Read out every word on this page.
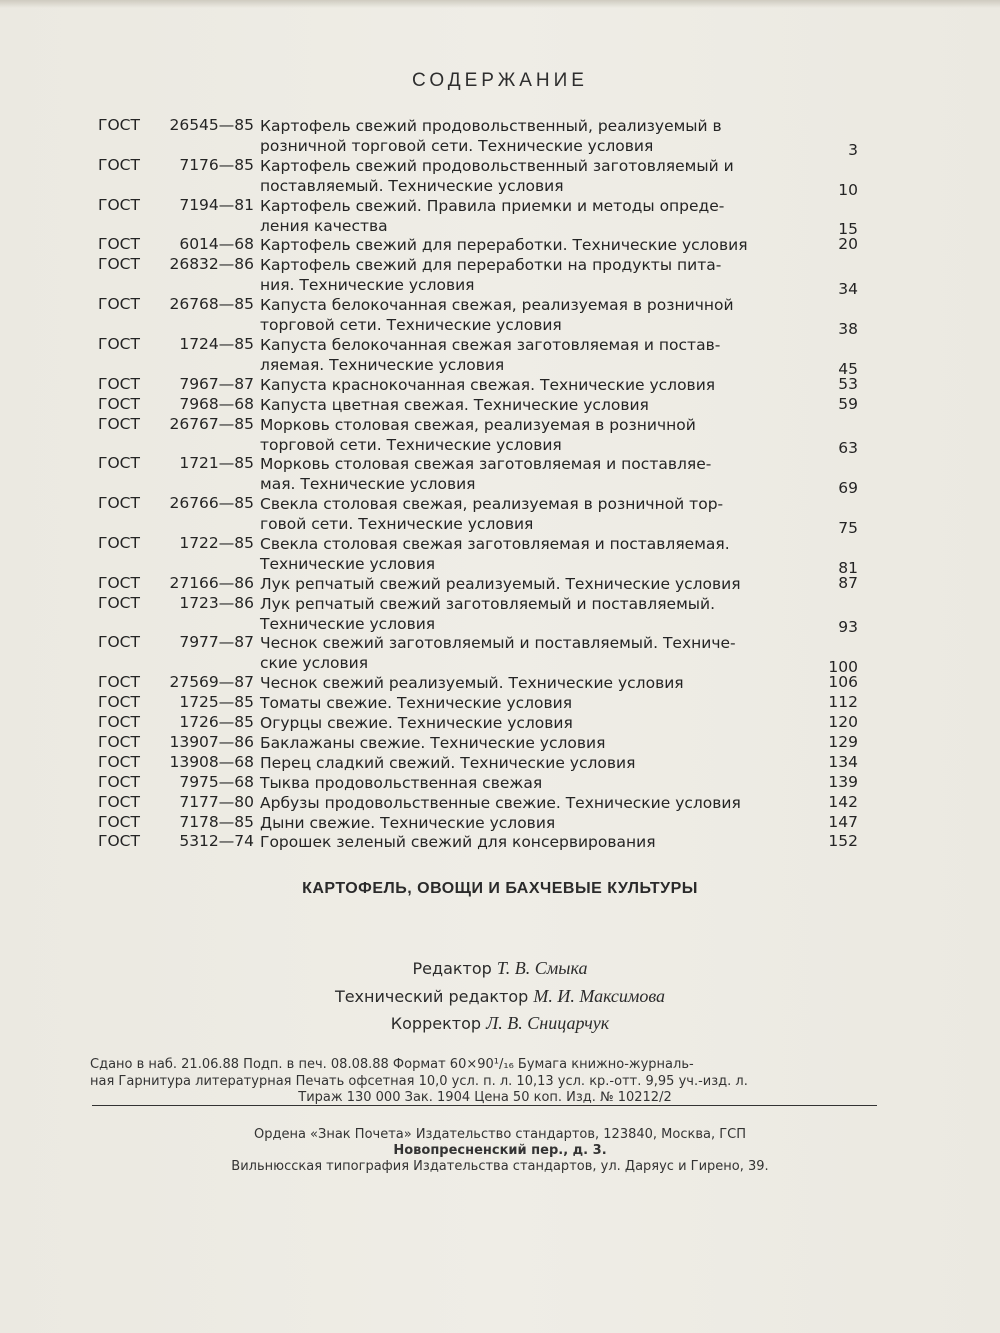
СОДЕРЖАНИЕ
ГОСТ 26545—85 Картофель свежий продовольственный, реализуемый в
розничной торговой сети. Технические условия	3
ГОСТ	7176—85 Картофель свежий продовольственный заготовляемый и
поставляемый. Технические условия	10
ГОСТ	7194—81 Картофель свежий. Правила приемки и методы опреде-
ления качества	15
ГОСТ	6014—68 Картофель свежий для переработки. Технические условия	20
ГОСТ 26832—86 Картофель свежий для переработки на продукты пита-
ния. Технические условия	34
ГОСТ 26768—85 Капуста белокочанная свежая, реализуемая в розничной
торговой сети. Технические условия	38
ГОСТ	1724—85 Капуста белокочанная свежая заготовляемая и постав-
ляемая. Технические условия	45
ГОСТ	7967—87 Капуста краснокочанная свежая. Технические условия	53
ГОСТ	7968—68 Капуста цветная свежая. Технические условия	59
ГОСТ 26767—85 Морковь столовая свежая, реализуемая в розничной
торговой сети. Технические условия	63
ГОСТ	1721—85 Морковь столовая свежая заготовляемая и поставляе-
мая. Технические условия	69
ГОСТ 26766—85 Свекла столовая свежая, реализуемая в розничной тор-
говой сети. Технические условия	75
ГОСТ	1722—85 Свекла столовая свежая заготовляемая и поставляемая.
Технические условия	81
ГОСТ 27166—86 Лук репчатый свежий реализуемый. Технические условия	87
ГОСТ	1723—86 Лук репчатый свежий заготовляемый и поставляемый.
Технические условия	93
ГОСТ	7977—87 Чеснок свежий заготовляемый и поставляемый. Техниче-
ские условия	100
ГОСТ 27569—87 Чеснок свежий реализуемый. Технические условия	106
ГОСТ	1725—85 Томаты свежие. Технические условия	112
ГОСТ	1726—85 Огурцы свежие. Технические условия	120
ГОСТ 13907—86 Баклажаны свежие. Технические условия	129
ГОСТ 13908—68 Перец сладкий свежий. Технические условия	134
ГОСТ	7975—68 Тыква продовольственная свежая	139
ГОСТ	7177—80 Арбузы продовольственные свежие. Технические условия	142
ГОСТ	7178—85 Дыни свежие. Технические условия	147
ГОСТ	5312—74 Горошек зеленый свежий для консервирования	152
КАРТОФЕЛЬ, ОВОЩИ И БАХЧЕВЫЕ КУЛЬТУРЫ
Редактор Т. В. Смыка
Технический редактор М. И. Максимова
Корректор Л. В. Сницарчук
Сдано в наб. 21.06.88 Подп. в печ. 08.08.88 Формат 60×90¹/₁₆ Бумага книжно-журналь-
ная Гарнитура литературная Печать офсетная 10,0 усл. п. л. 10,13 усл. кр.-отт. 9,95 уч.-изд. л.
Тираж 130 000 Зак. 1904 Цена 50 коп. Изд. № 10212/2
Ордена «Знак Почета» Издательство стандартов, 123840, Москва, ГСП
Новопресненский пер., д. 3.
Вильнюсская типография Издательства стандартов, ул. Даряус и Гирено, 39.
